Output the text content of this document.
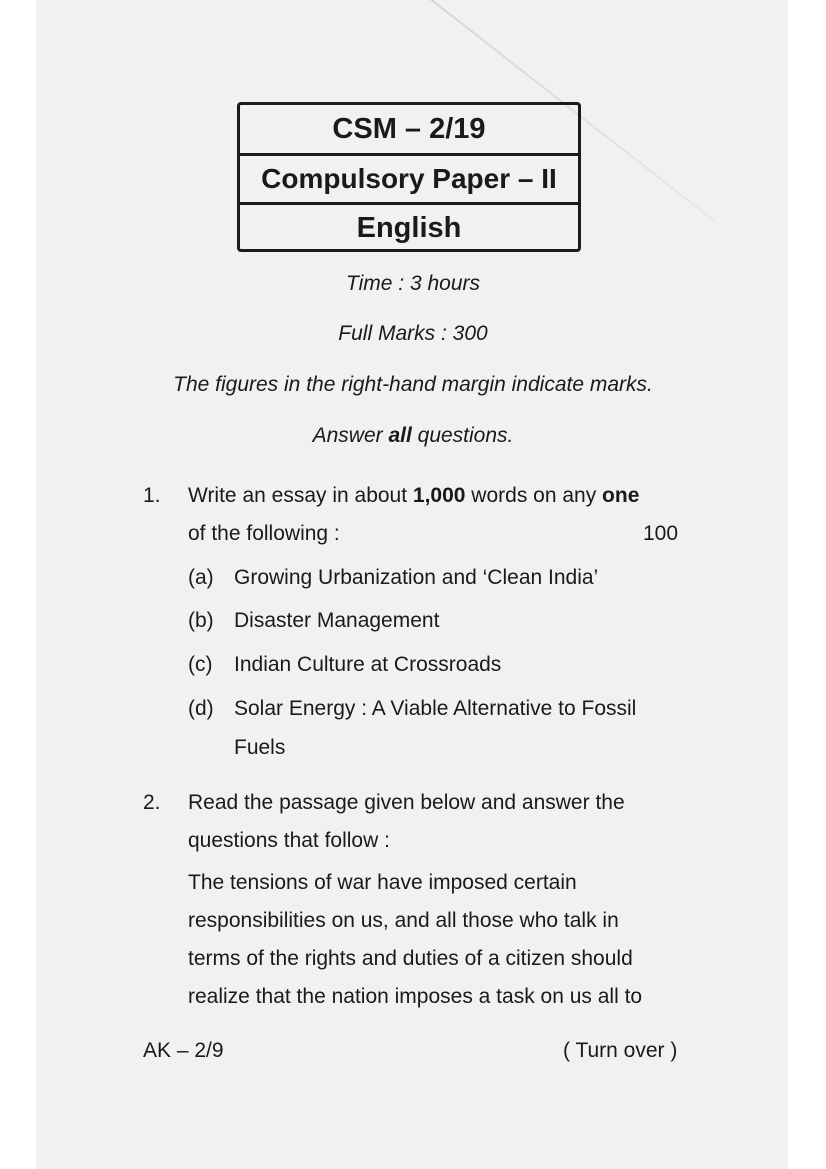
CSM – 2/19
Compulsory Paper – II
English
Time : 3 hours
Full Marks : 300
The figures in the right-hand margin indicate marks.
Answer all questions.
1. Write an essay in about 1,000 words on any one
of the following :	100
(a) Growing Urbanization and ‘Clean India’
(b) Disaster Management
(c) Indian Culture at Crossroads
(d) Solar Energy : A Viable Alternative to Fossil
Fuels
2. Read the passage given below and answer the
questions that follow :
The tensions of war have imposed certain
responsibilities on us, and all those who talk in
terms of the rights and duties of a citizen should
realize that the nation imposes a task on us all to
AK – 2/9	( Turn over )
